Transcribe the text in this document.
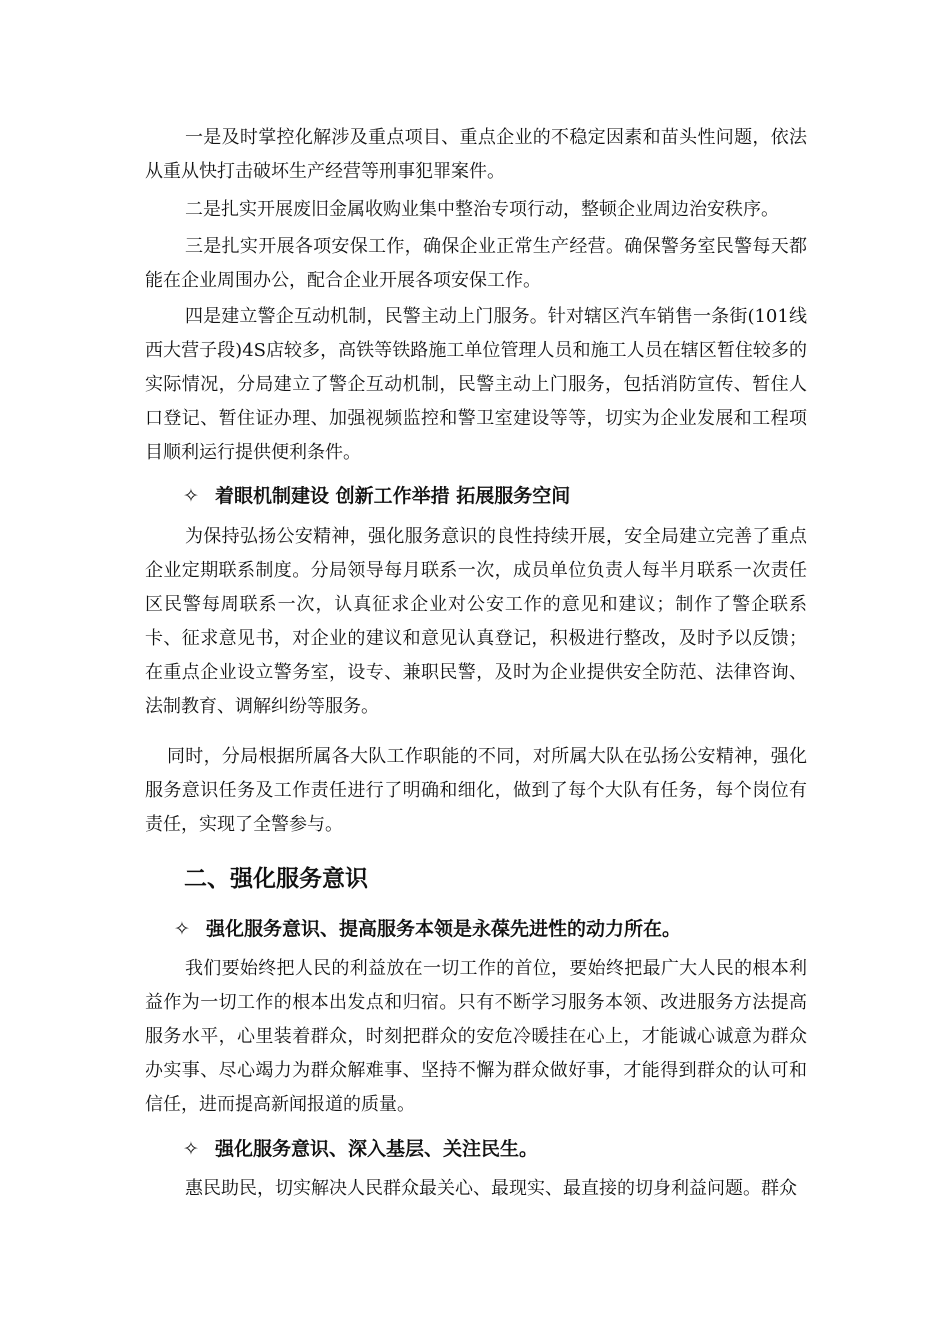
一是及时掌控化解涉及重点项目、重点企业的不稳定因素和苗头性问题，依法从重从快打击破坏生产经营等刑事犯罪案件。

二是扎实开展废旧金属收购业集中整治专项行动，整顿企业周边治安秩序。

三是扎实开展各项安保工作，确保企业正常生产经营。确保警务室民警每天都能在企业周围办公，配合企业开展各项安保工作。

四是建立警企互动机制，民警主动上门服务。针对辖区汽车销售一条街(101线西大营子段)4S店较多，高铁等铁路施工单位管理人员和施工人员在辖区暂住较多的实际情况，分局建立了警企互动机制，民警主动上门服务，包括消防宣传、暂住人口登记、暂住证办理、加强视频监控和警卫室建设等等，切实为企业发展和工程项目顺利运行提供便利条件。

✧ 着眼机制建设 创新工作举措 拓展服务空间

为保持弘扬公安精神，强化服务意识的良性持续开展，安全局建立完善了重点企业定期联系制度。分局领导每月联系一次，成员单位负责人每半月联系一次责任区民警每周联系一次，认真征求企业对公安工作的意见和建议；制作了警企联系卡、征求意见书，对企业的建议和意见认真登记，积极进行整改，及时予以反馈；在重点企业设立警务室，设专、兼职民警，及时为企业提供安全防范、法律咨询、法制教育、调解纠纷等服务。

同时，分局根据所属各大队工作职能的不同，对所属大队在弘扬公安精神，强化服务意识任务及工作责任进行了明确和细化，做到了每个大队有任务，每个岗位有责任，实现了全警参与。

二、强化服务意识
✧ 强化服务意识、提高服务本领是永葆先进性的动力所在。

我们要始终把人民的利益放在一切工作的首位，要始终把最广大人民的根本利益作为一切工作的根本出发点和归宿。只有不断学习服务本领、改进服务方法提高服务水平，心里装着群众，时刻把群众的安危冷暖挂在心上，才能诚心诚意为群众办实事、尽心竭力为群众解难事、坚持不懈为群众做好事，才能得到群众的认可和信任，进而提高新闻报道的质量。

✧ 强化服务意识、深入基层、关注民生。

惠民助民，切实解决人民群众最关心、最现实、最直接的切身利益问题。群众
